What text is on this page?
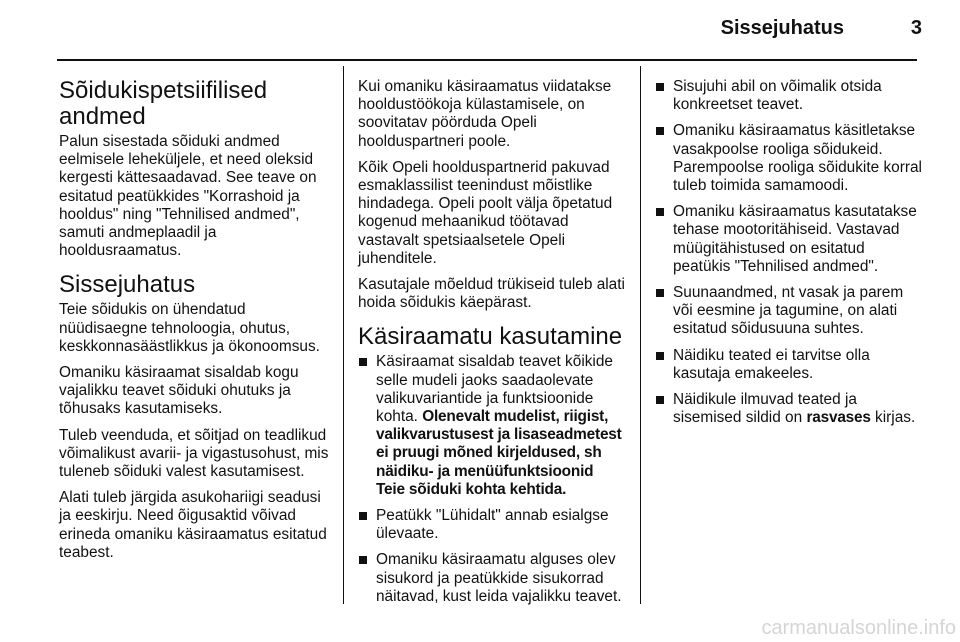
Sissejuhatus	3
Sõidukispetsiifilised andmed

Palun sisestada sõiduki andmed eelmisele leheküljele, et need oleksid kergesti kättesaadavad. See teave on esitatud peatükkides "Korrashoid ja hooldus" ning "Tehnilised andmed", samuti andmeplaadil ja hooldusraamatus.

Sissejuhatus

Teie sõidukis on ühendatud nüüdisaegne tehnoloogia, ohutus, keskkonnasäästlikkus ja ökonoomsus.

Omaniku käsiraamat sisaldab kogu vajalikku teavet sõiduki ohutuks ja tõhusaks kasutamiseks.

Tuleb veenduda, et sõitjad on teadlikud võimalikust avarii- ja vigastusohust, mis tuleneb sõiduki valest kasutamisest.

Alati tuleb järgida asukohariigi seadusi ja eeskirju. Need õigusaktid võivad erineda omaniku käsiraamatus esitatud teabest.

Kui omaniku käsiraamatus viidatakse hooldustöökoja külastamisele, on soovitatav pöörduda Opeli hoolduspartneri poole.

Kõik Opeli hoolduspartnerid pakuvad esmaklassilist teenindust mõistlike hindadega. Opeli poolt välja õpetatud kogenud mehaanikud töötavad vastavalt spetsiaalsetele Opeli juhenditele.

Kasutajale mõeldud trükiseid tuleb alati hoida sõidukis käepärast.

Käsiraamatu kasutamine
Käsiraamat sisaldab teavet kõikide selle mudeli jaoks saadaolevate valikuvariantide ja funktsioonide kohta. Olenevalt mudelist, riigist, valikvarustusest ja lisaseadmetest ei pruugi mõned kirjeldused, sh näidiku- ja menüüfunktsioonid Teie sõiduki kohta kehtida.
Peatükk "Lühidalt" annab esialgse ülevaate.
Omaniku käsiraamatu alguses olev sisukord ja peatükkide sisukorrad näitavad, kust leida vajalikku teavet.
Sisujuhi abil on võimalik otsida konkreetset teavet.
Omaniku käsiraamatus käsitletakse vasakpoolse rooliga sõidukeid. Parempoolse rooliga sõidukite korral tuleb toimida samamoodi.
Omaniku käsiraamatus kasutatakse tehase mootoritähiseid. Vastavad müügitähistused on esitatud peatükis "Tehnilised andmed".
Suunaandmed, nt vasak ja parem või eesmine ja tagumine, on alati esitatud sõidusuuna suhtes.
Näidiku teated ei tarvitse olla kasutaja emakeeles.
Näidikule ilmuvad teated ja sisemised sildid on rasvases kirjas.
carmanualsonline.info
